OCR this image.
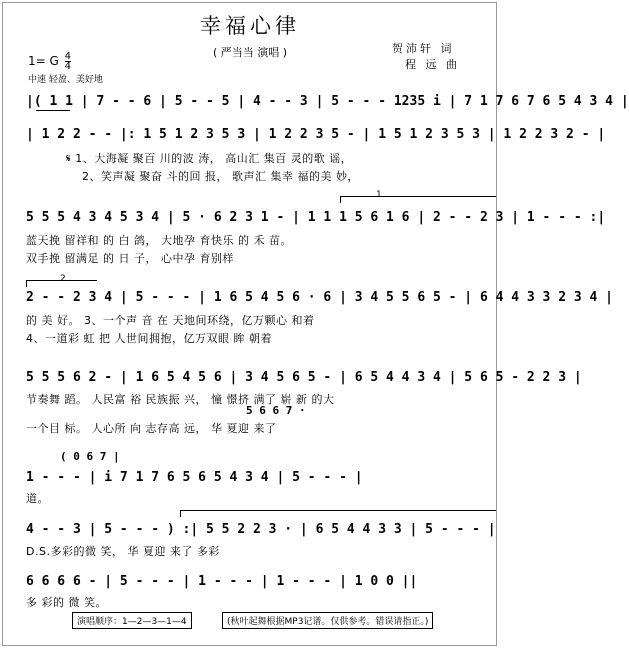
幸福心律
( 严当当 演唱 )	贺沛轩 词
程 远 曲
1= G $\frac{4}{4}$
中速 轻盈、美好地
|( 1 1 | 7 - - 6 | 5 - - 5 | 4 - - 3 | 5 - - - 1235 i | 7 1 7 6 7 6 5 4 3 4 |
| 1 2 2 - - |: 1 5 1 2 3 5 3 | 1 2 2 3 5 - | 1 5 1 2 3 5 3 | 1 2 2 3 2 - |
𝄋 1、大海凝 聚百 川的波 涛， 高山汇 集百 灵的歌 谣，
2、笑声凝 聚奋 斗的回 报， 歌声汇 集幸 福的美 妙，
1
5 5 5 4 3 4 5 3 4 | 5 · 6 2 3 1 - | 1 1 1 5 6 1 6 | 2 - - 2 3 | 1 - - - :|
蓝天挽 留祥和 的 白 鸽， 大地孕 育快乐 的 禾 苗。
双手挽 留满足 的 日 子， 心中孕 育别样
2
2 - - 2 3 4 | 5 - - - | 1 6 5 4 5 6 · 6 | 3 4 5 5 6 5 - | 6 4 4 3 3 2 3 4 |
的 美 好。 3、一个声 音 在 天地间环绕，亿万颗心 和着
4、一道彩 虹 把 人世间拥抱，亿万双眼 眸 朝着
5 5 5 6 2 - | 1 6 5 4 5 6 | 3 4 5 6 5 - | 6 5 4 4 3 4 | 5 6 5 - 2 2 3 |
节奏舞 蹈。 人民富 裕 民族振 兴， 憧 憬挤 满了 崭 新 的大
5 6 6 7 ·
一个目 标。 人心所 向 志存高 远， 华 夏迎 来了
( 0 6 7 |
1 - - - | i 7 1 7 6 5 6 5 4 3 4 | 5 - - - |
道。
4 - - 3 | 5 - - - ) :| 5 5 2 2 3 · | 6 5 4 4 3 3 | 5 - - - |
D.S.多彩的微 笑， 华 夏迎 来了 多彩
6 6 6 6 - | 5 - - - | 1 - - - | 1 - - - | 1 0 0 ||
多 彩的 微 笑。
演唱顺序：1—2—3—1—4	(秋叶起舞根据MP3记谱。仅供参考。错误请指正。)
